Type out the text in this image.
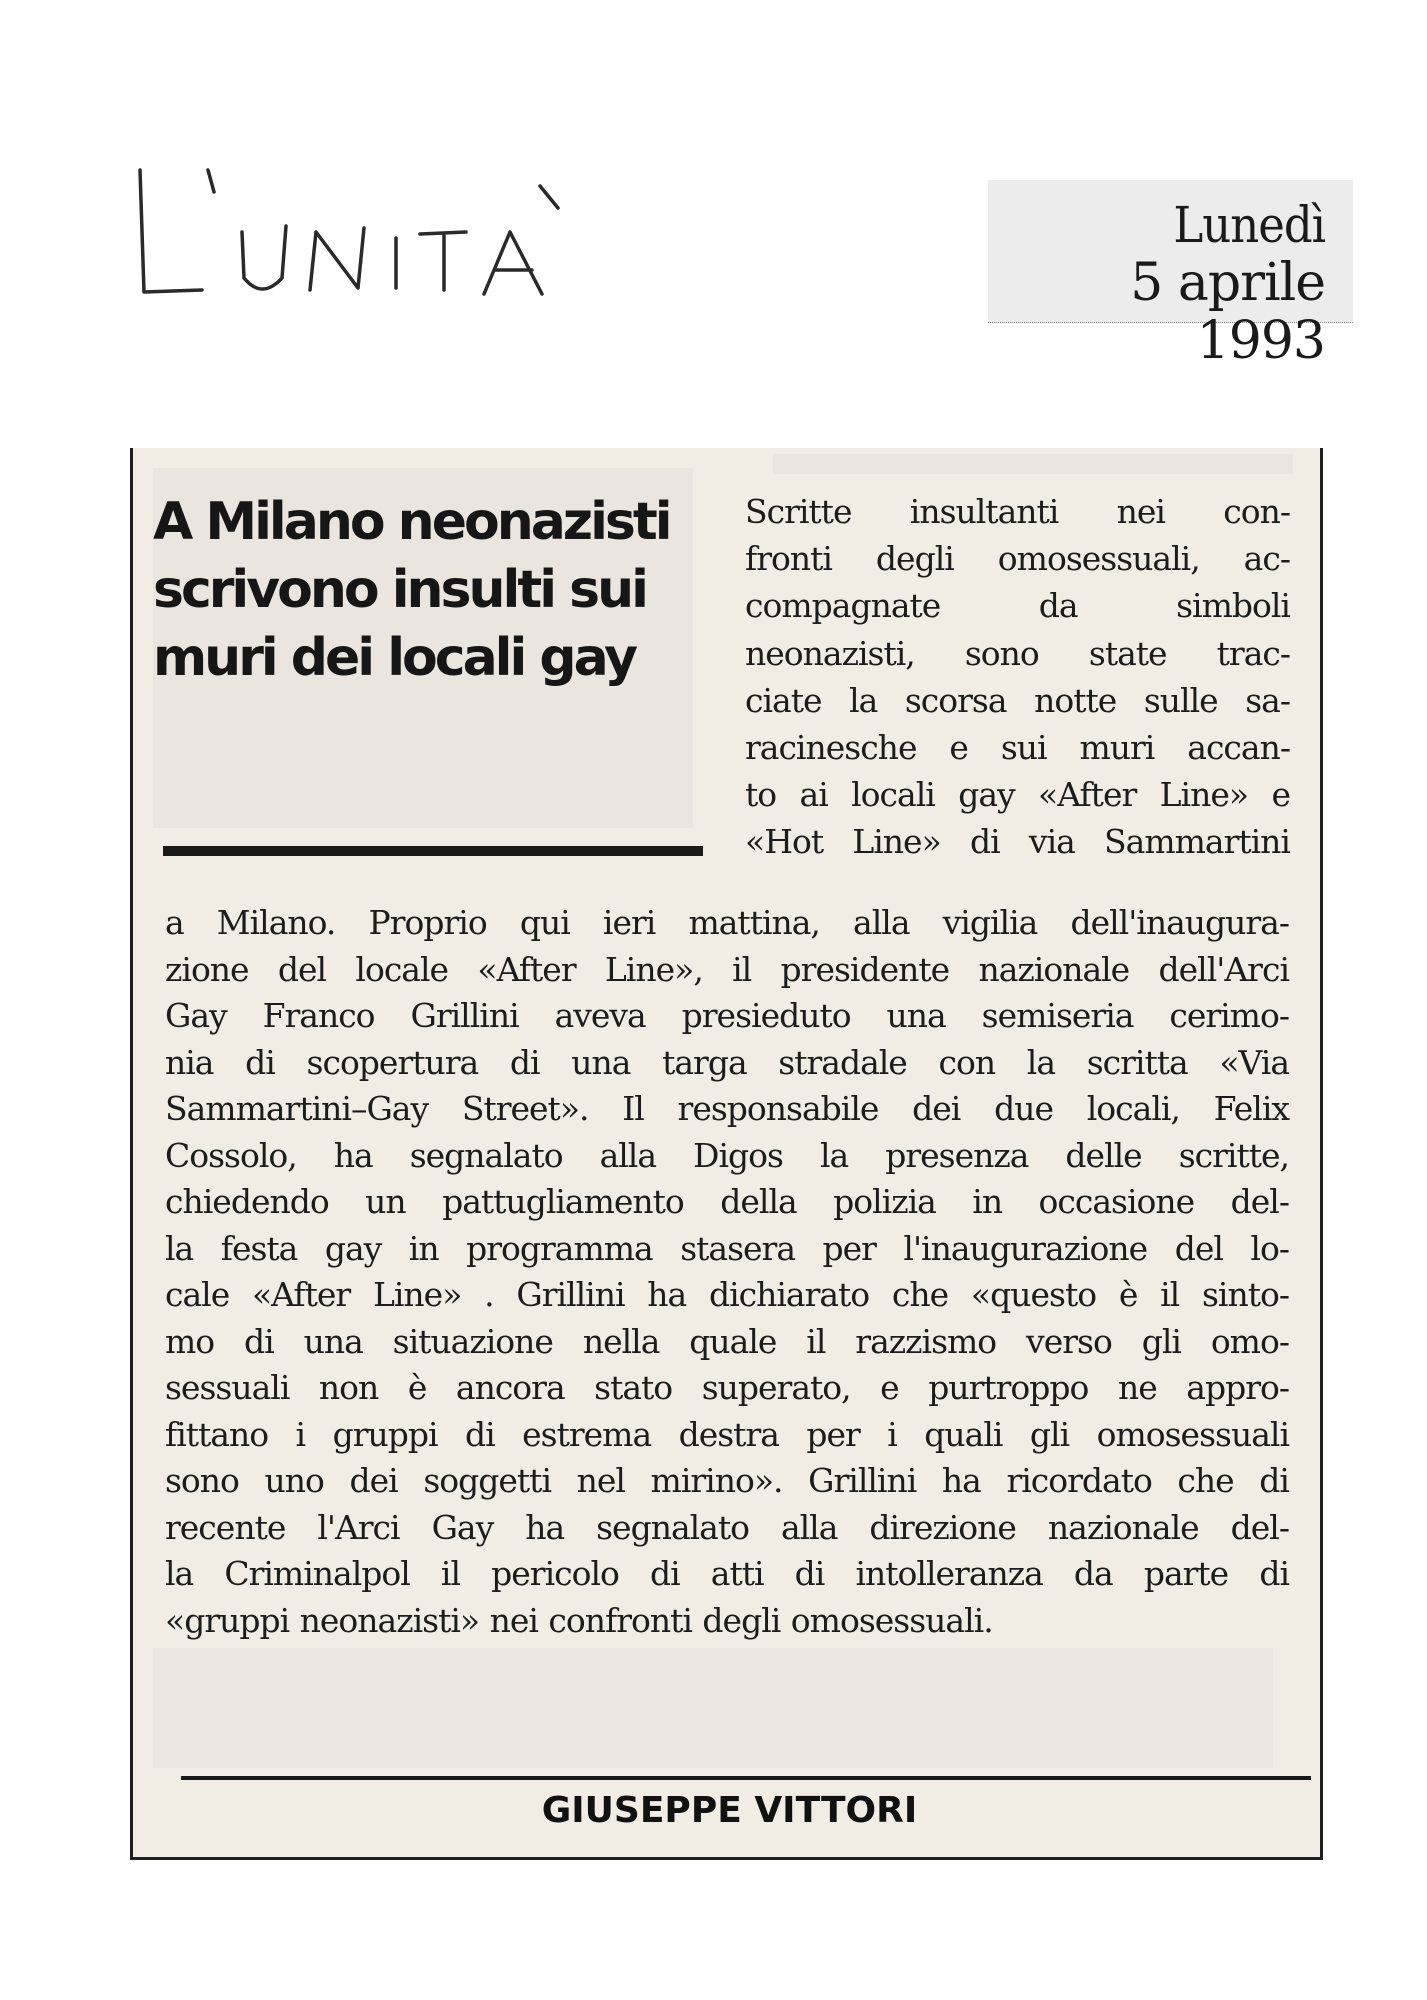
Lunedì
5 aprile 1993
A Milano neonazisti scrivono insulti sui muri dei locali gay

Scritte insultanti nei con-
fronti degli omosessuali, ac-
compagnate da simboli
neonazisti, sono state trac-
ciate la scorsa notte sulle sa-
racinesche e sui muri accan-
to ai locali gay «After Line» e
«Hot Line» di via Sammartini

a Milano. Proprio qui ieri mattina, alla vigilia dell'inaugura-
zione del locale «After Line», il presidente nazionale dell'Arci
Gay Franco Grillini aveva presieduto una semiseria cerimo-
nia di scopertura di una targa stradale con la scritta «Via
Sammartini–Gay Street». Il responsabile dei due locali, Felix
Cossolo, ha segnalato alla Digos la presenza delle scritte,
chiedendo un pattugliamento della polizia in occasione del-
la festa gay in programma stasera per l'inaugurazione del lo-
cale «After Line» . Grillini ha dichiarato che «questo è il sinto-
mo di una situazione nella quale il razzismo verso gli omo-
sessuali non è ancora stato superato, e purtroppo ne appro-
fittano i gruppi di estrema destra per i quali gli omosessuali
sono uno dei soggetti nel mirino». Grillini ha ricordato che di
recente l'Arci Gay ha segnalato alla direzione nazionale del-
la Criminalpol il pericolo di atti di intolleranza da parte di
«gruppi neonazisti» nei confronti degli omosessuali.

GIUSEPPE VITTORI
